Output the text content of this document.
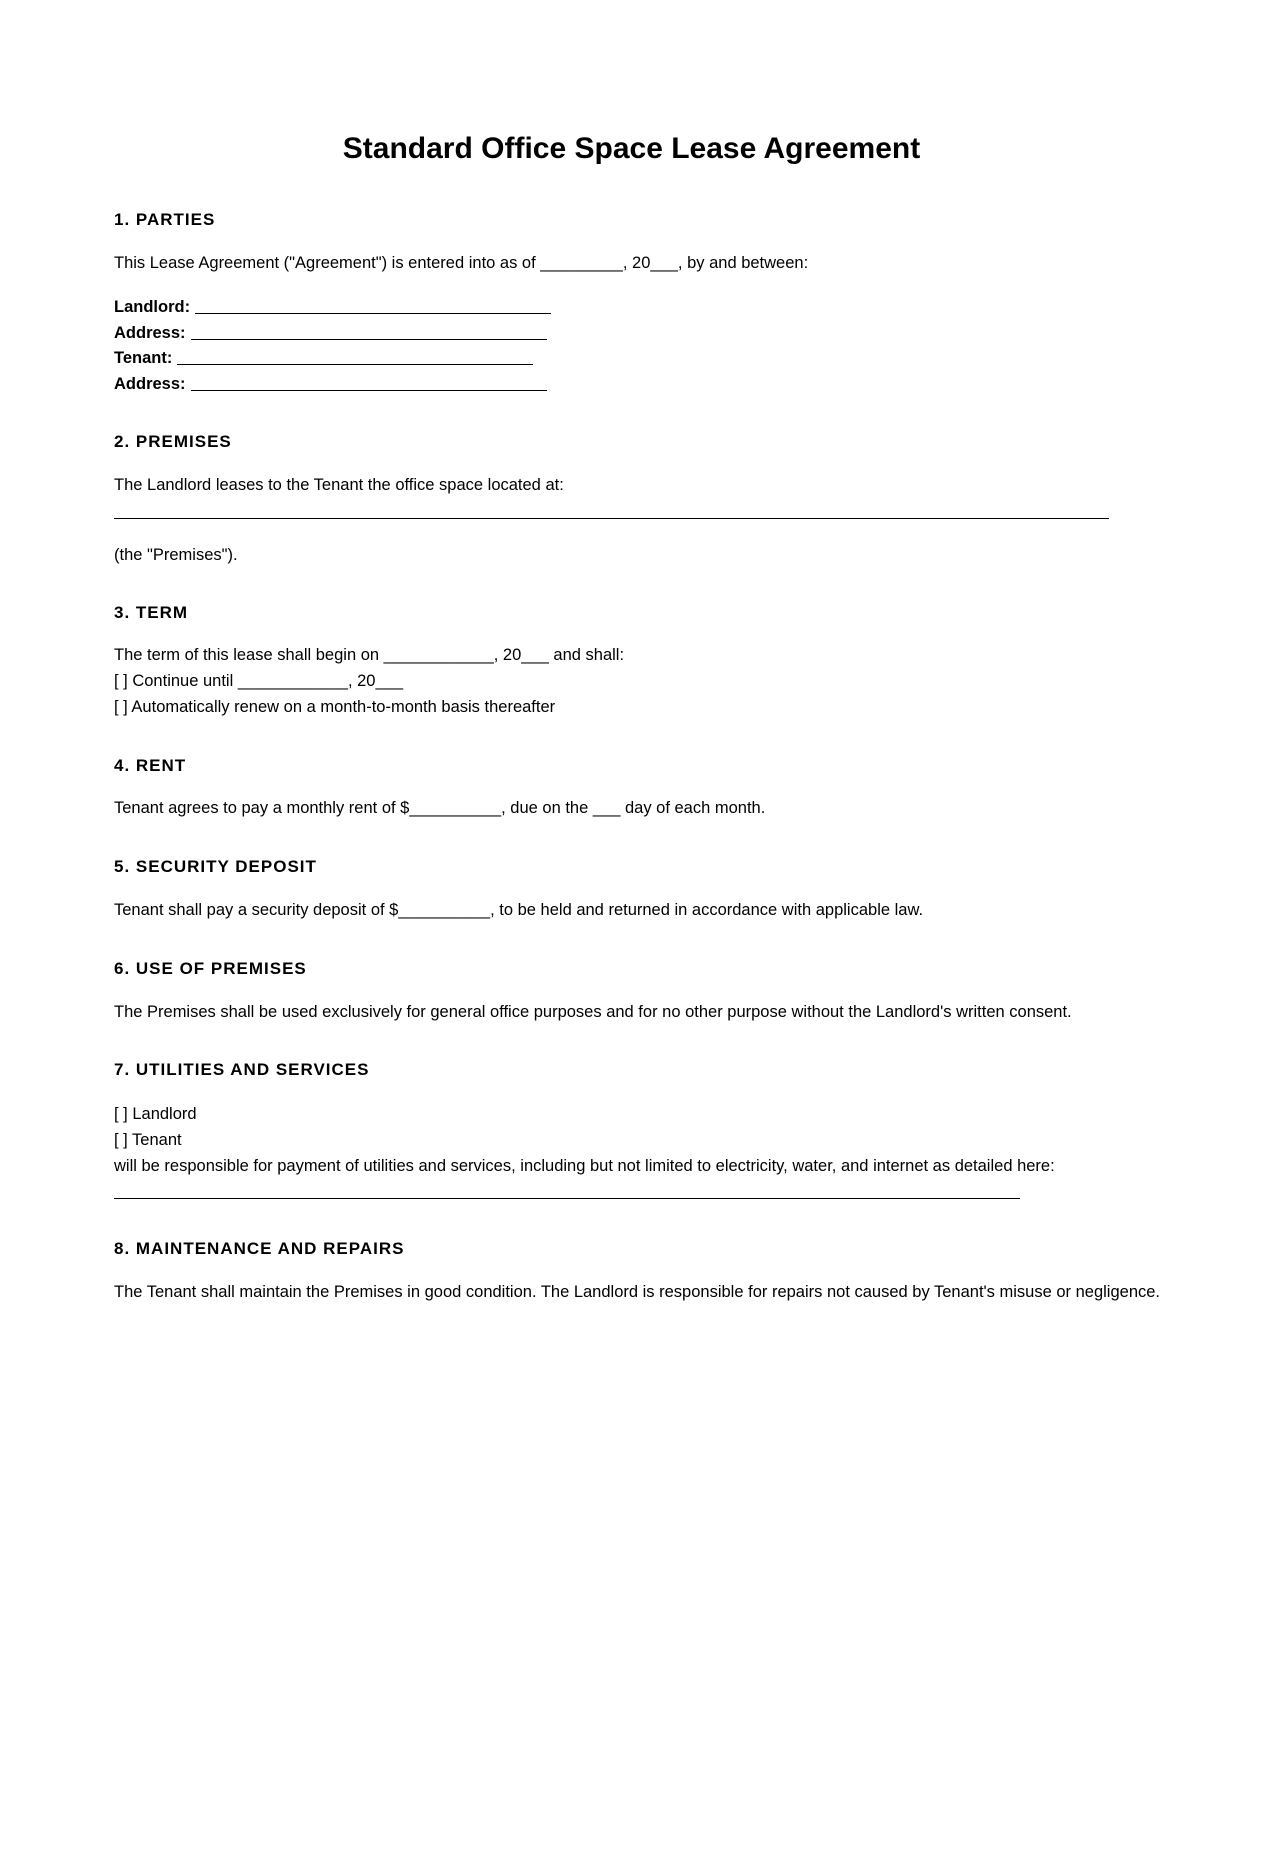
Standard Office Space Lease Agreement
1. PARTIES
This Lease Agreement ("Agreement") is entered into as of _________, 20___, by and between:
Landlord:
Address:
Tenant:
Address:
2. PREMISES
The Landlord leases to the Tenant the office space located at:
(the "Premises").
3. TERM
The term of this lease shall begin on ____________, 20___ and shall:
[ ] Continue until ____________, 20___
[ ] Automatically renew on a month-to-month basis thereafter
4. RENT
Tenant agrees to pay a monthly rent of $__________, due on the ___ day of each month.
5. SECURITY DEPOSIT
Tenant shall pay a security deposit of $__________, to be held and returned in accordance with applicable law.
6. USE OF PREMISES
The Premises shall be used exclusively for general office purposes and for no other purpose without the Landlord's written consent.
7. UTILITIES AND SERVICES
[ ] Landlord
[ ] Tenant
will be responsible for payment of utilities and services, including but not limited to electricity, water, and internet as detailed here:
8. MAINTENANCE AND REPAIRS
The Tenant shall maintain the Premises in good condition. The Landlord is responsible for repairs not caused by Tenant's misuse or negligence.
